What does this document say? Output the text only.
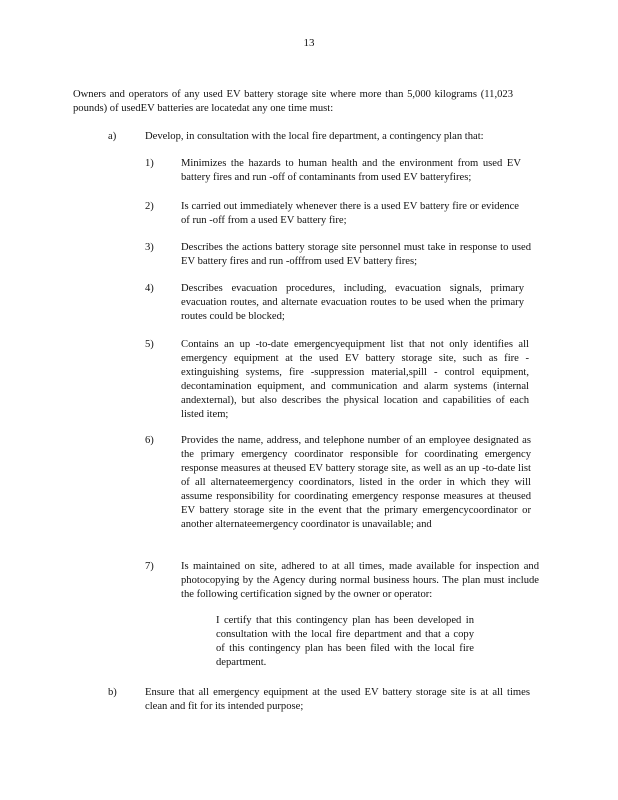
13

Owners and operators of any used EV battery storage site where more than 5,000 kilograms (11,023 pounds) of usedEV batteries are locatedat any one time must:

a)	Develop, in consultation with the local fire department, a contingency plan that:
1)	Minimizes the hazards to human health and the environment from used EV battery fires and run -off of contaminants from used EV batteryfires;
2)	Is carried out immediately whenever there is a used EV battery fire or evidence of run -off from a used EV battery fire;
3)	Describes the actions battery storage site personnel must take in response to used EV battery fires and run -offfrom used EV battery fires;
4)	Describes evacuation procedures, including, evacuation signals, primary evacuation routes, and alternate evacuation routes to be used when the primary routes could be blocked;
5)	Contains an up -to-date emergencyequipment list that not only identifies all emergency equipment at the used EV battery storage site, such as fire -extinguishing systems, fire -suppression material,spill - control equipment, decontamination equipment, and communication and alarm systems (internal andexternal), but also describes the physical location and capabilities of each listed item;
6)	Provides the name, address, and telephone number of an employee designated as the primary emergency coordinator responsible for coordinating emergency response measures at theused EV battery storage site, as well as an up -to-date list of all alternateemergency coordinators, listed in the order in which they will assume responsibility for coordinating emergency response measures at theused EV battery storage site in the event that the primary emergencycoordinator or another alternateemergency coordinator is unavailable; and
7)	Is maintained on site, adhered to at all times, made available for inspection and photocopying by the Agency during normal business hours. The plan must include the following certification signed by the owner or operator:

I certify that this contingency plan has been developed in consultation with the local fire department and that a copy of this contingency plan has been filed with the local fire department.

b)	Ensure that all emergency equipment at the used EV battery storage site is at all times clean and fit for its intended purpose;
